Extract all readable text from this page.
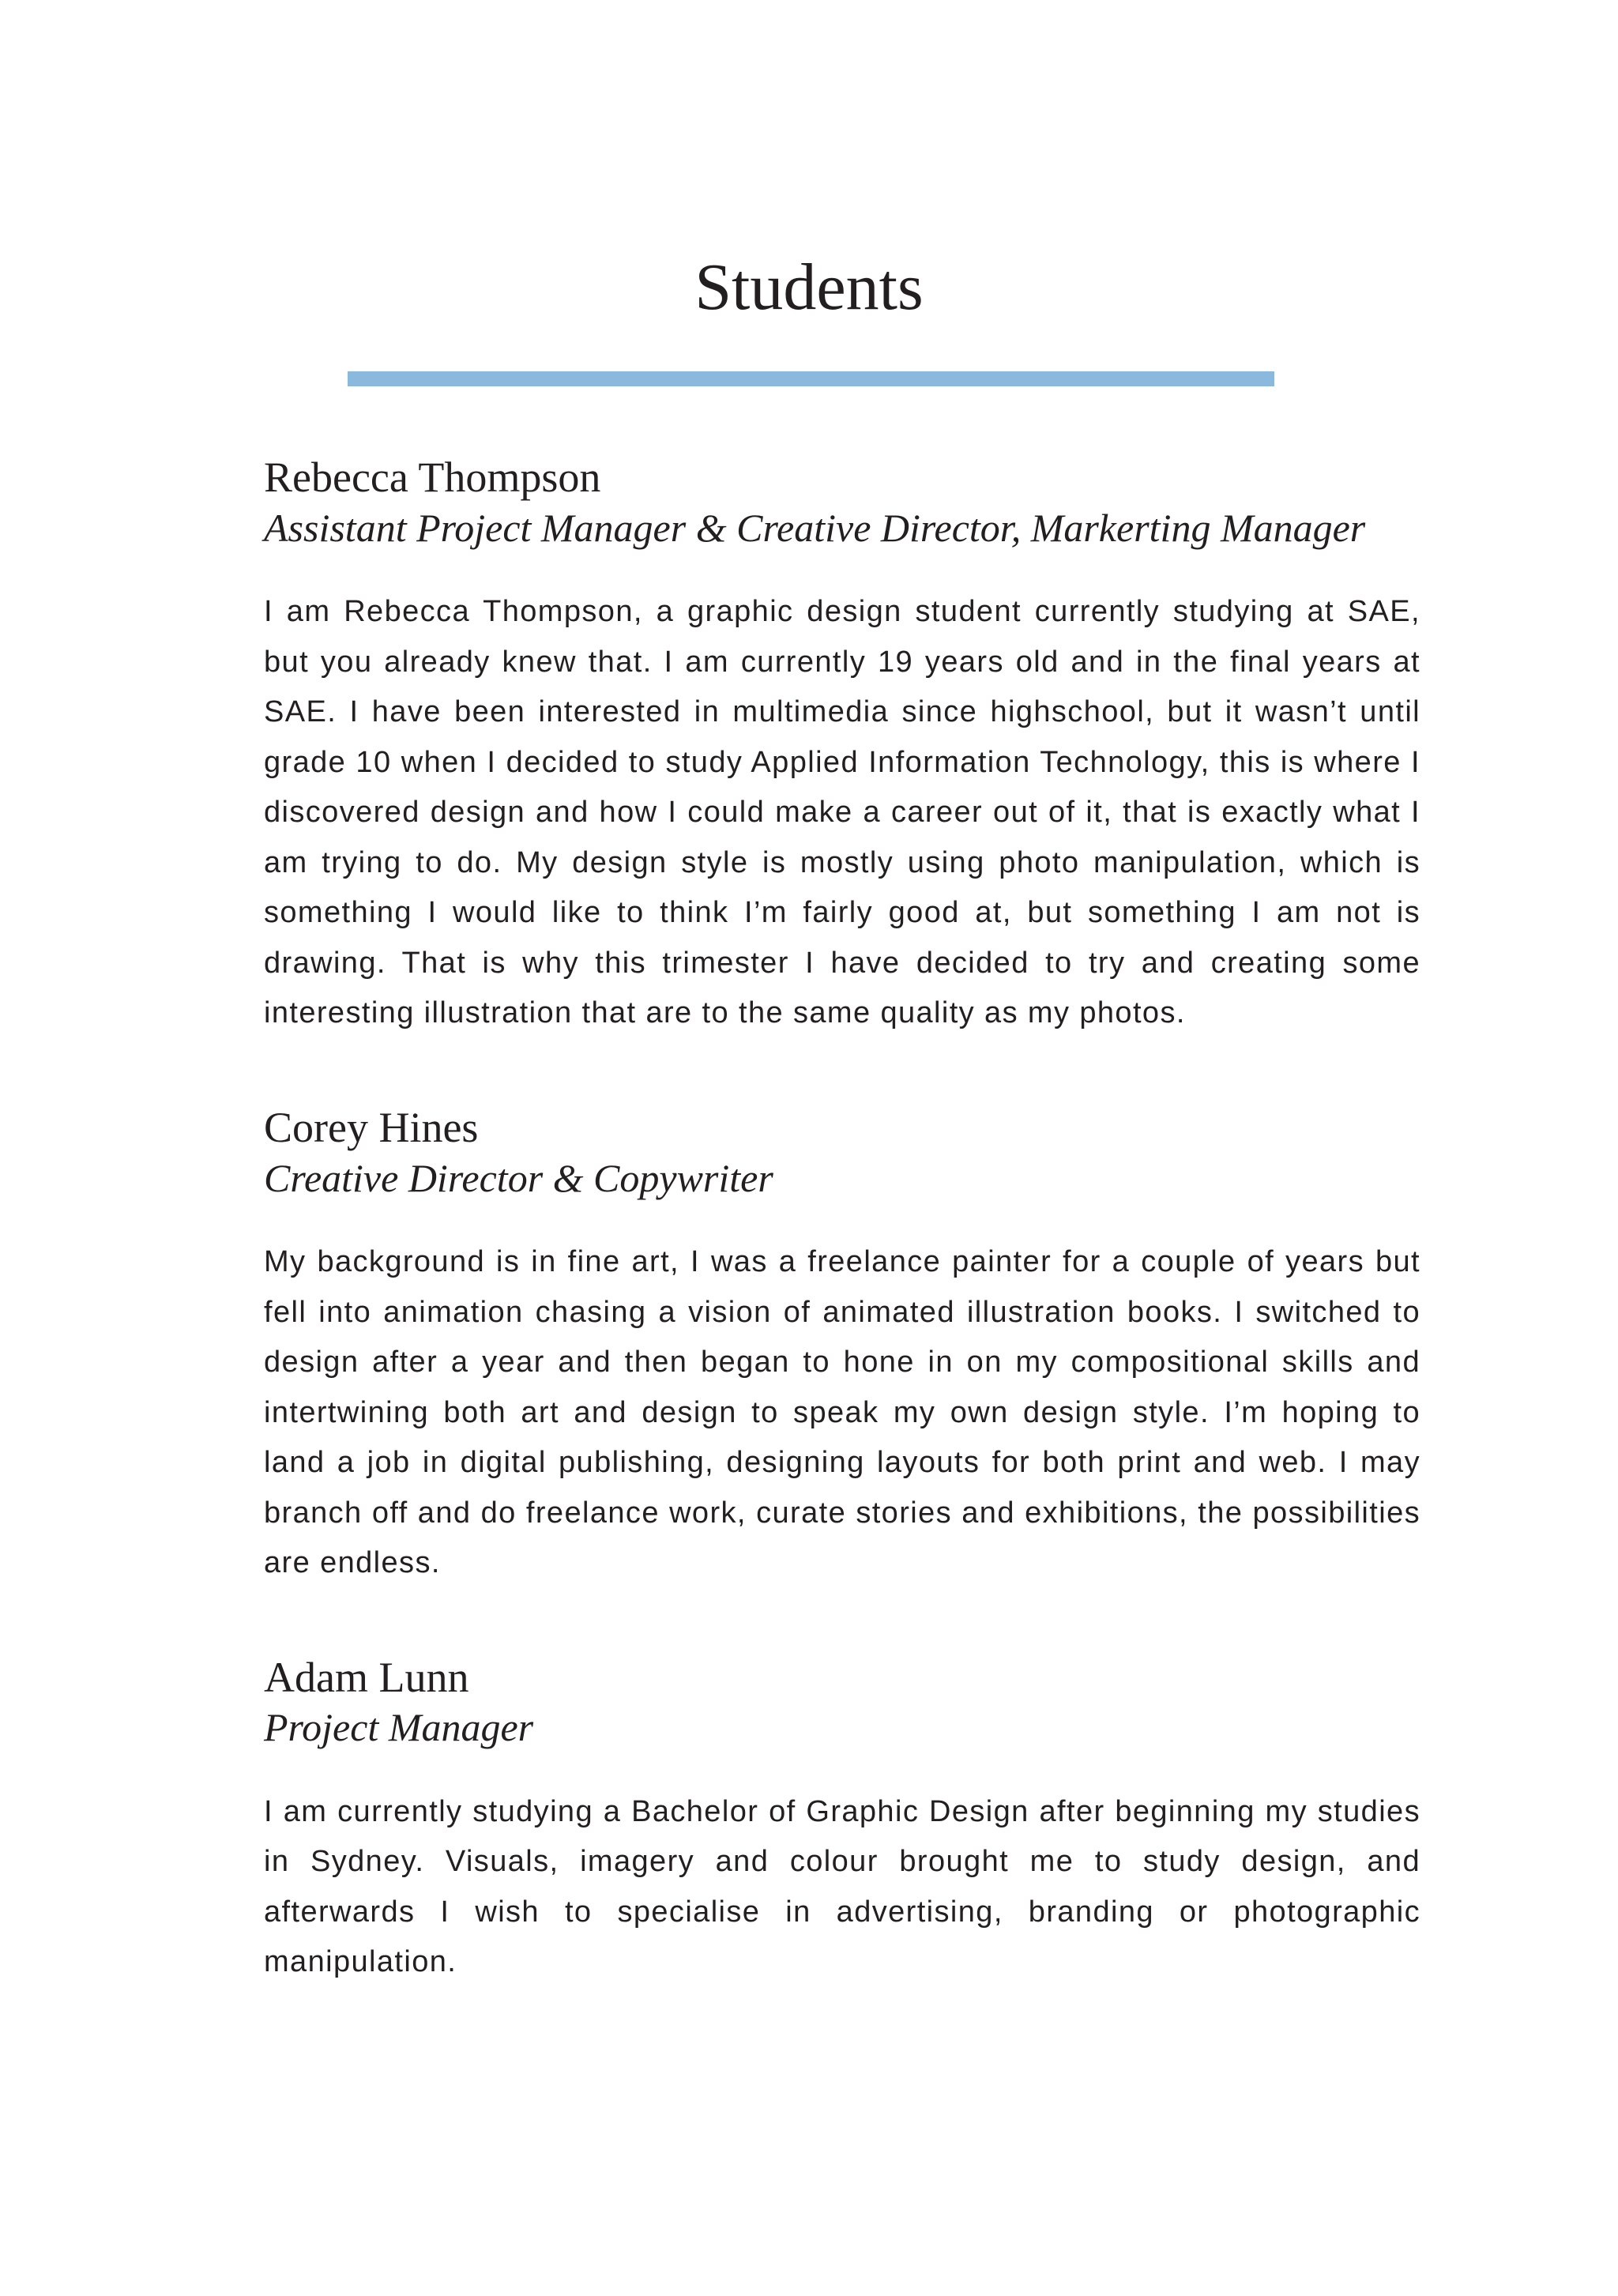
Students
Rebecca Thompson

Assistant Project Manager & Creative Director, Markerting Manager

I am Rebecca Thompson, a graphic design student currently studying at SAE, but you already knew that. I am currently 19 years old and in the final years at SAE. I have been interested in multimedia since highschool, but it wasn’t until grade 10 when I decided to study Applied Information Technology, this is where I discovered design and how I could make a career out of it, that is exactly what I am trying to do. My design style is mostly using photo manipulation, which is something I would like to think I’m fairly good at, but something I am not is drawing. That is why this trimester I have decided to try and creating some interesting illustration that are to the same quality as my photos.

Corey Hines

Creative Director & Copywriter

My background is in fine art, I was a freelance painter for a couple of years but fell into animation chasing a vision of animated illustration books. I switched to design after a year and then began to hone in on my compositional skills and intertwining both art and design to speak my own design style. I’m hoping to land a job in digital publishing, designing layouts for both print and web. I may branch off and do freelance work, curate stories and exhibitions, the possibilities are endless.

Adam Lunn

Project Manager

I am currently studying a Bachelor of Graphic Design after beginning my studies in Sydney. Visuals, imagery and colour brought me to study design, and afterwards I wish to specialise in advertising, branding or photographic manipulation.
